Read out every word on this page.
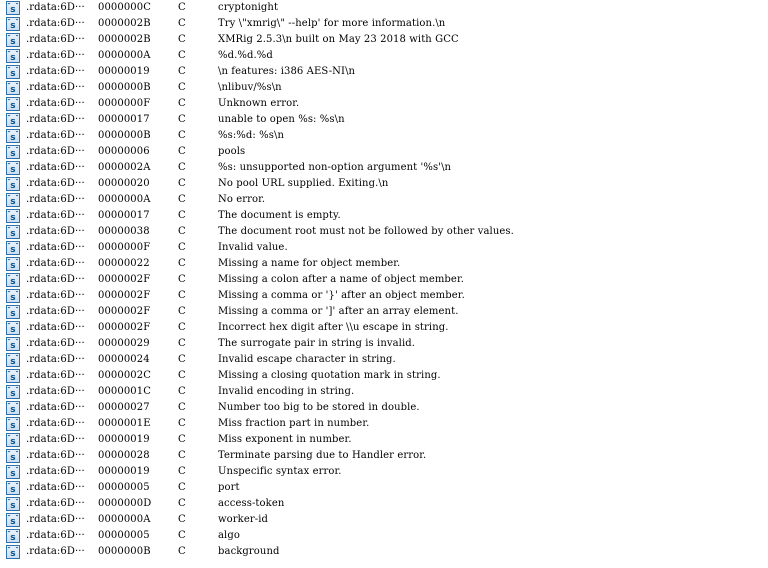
s .rdata:6D··· 0000000C	C	cryptonight
s .rdata:6D··· 0000002B	C	Try \"xmrig\" --help' for more information.\n
s .rdata:6D··· 0000002B	C	XMRig 2.5.3\n built on May 23 2018 with GCC
s .rdata:6D··· 0000000A	C	%d.%d.%d
s .rdata:6D··· 00000019	C	\n features: i386 AES-NI\n
s .rdata:6D··· 0000000B	C	\nlibuv/%s\n
s .rdata:6D··· 0000000F	C	Unknown error.
s .rdata:6D··· 00000017	C	unable to open %s: %s\n
s .rdata:6D··· 0000000B	C	%s:%d: %s\n
s .rdata:6D··· 00000006	C	pools
s .rdata:6D··· 0000002A	C	%s: unsupported non-option argument '%s'\n
s .rdata:6D··· 00000020	C	No pool URL supplied. Exiting.\n
s .rdata:6D··· 0000000A	C	No error.
s .rdata:6D··· 00000017	C	The document is empty.
s .rdata:6D··· 00000038	C	The document root must not be followed by other values.
s .rdata:6D··· 0000000F	C	Invalid value.
s .rdata:6D··· 00000022	C	Missing a name for object member.
s .rdata:6D··· 0000002F	C	Missing a colon after a name of object member.
s .rdata:6D··· 0000002F	C	Missing a comma or '}' after an object member.
s .rdata:6D··· 0000002F	C	Missing a comma or ']' after an array element.
s .rdata:6D··· 0000002F	C	Incorrect hex digit after \\u escape in string.
s .rdata:6D··· 00000029	C	The surrogate pair in string is invalid.
s .rdata:6D··· 00000024	C	Invalid escape character in string.
s .rdata:6D··· 0000002C	C	Missing a closing quotation mark in string.
s .rdata:6D··· 0000001C	C	Invalid encoding in string.
s .rdata:6D··· 00000027	C	Number too big to be stored in double.
s .rdata:6D··· 0000001E	C	Miss fraction part in number.
s .rdata:6D··· 00000019	C	Miss exponent in number.
s .rdata:6D··· 00000028	C	Terminate parsing due to Handler error.
s .rdata:6D··· 00000019	C	Unspecific syntax error.
s .rdata:6D··· 00000005	C	port
s .rdata:6D··· 0000000D	C	access-token
s .rdata:6D··· 0000000A	C	worker-id
s .rdata:6D··· 00000005	C	algo
s .rdata:6D··· 0000000B	C	background
